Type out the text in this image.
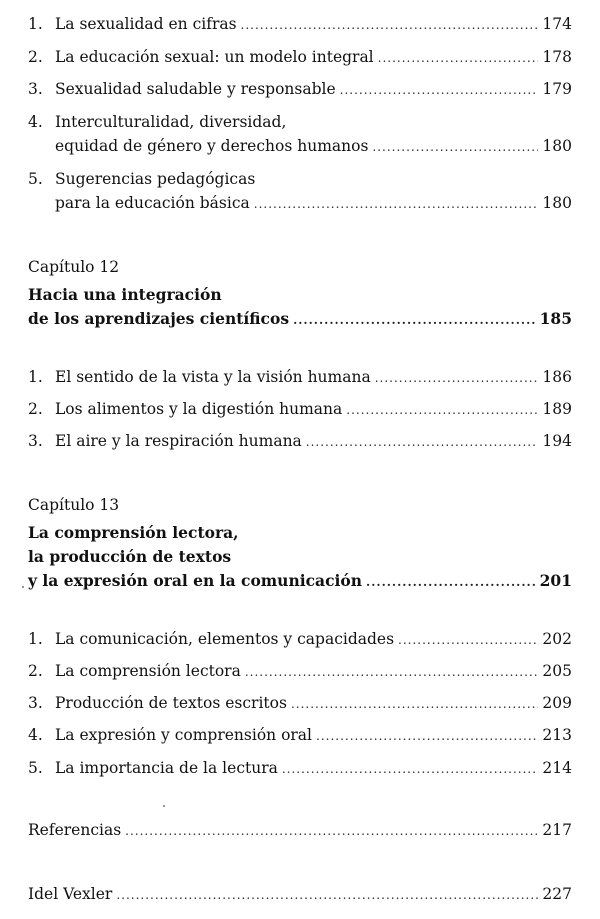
1. La sexualidad en cifras .....	174
2. La educación sexual: un modelo integral .....	178
3. Sexualidad saludable y responsable .....	179
4. Interculturalidad, diversidad,
equidad de género y derechos humanos .....	180
5. Sugerencias pedagógicas
para la educación básica .....	180
Capítulo 12
Hacia una integración
de los aprendizajes científicos .....	185
1. El sentido de la vista y la visión humana .....	186
2. Los alimentos y la digestión humana .....	189
3. El aire y la respiración humana .....	194
Capítulo 13
La comprensión lectora,
la producción de textos
y la expresión oral en la comunicación .....	201
1. La comunicación, elementos y capacidades .....	202
2. La comprensión lectora .....	205
3. Producción de textos escritos .....	209
4. La expresión y comprensión oral .....	213
5. La importancia de la lectura .....	214
Referencias .....	217
Idel Vexler .....	227
